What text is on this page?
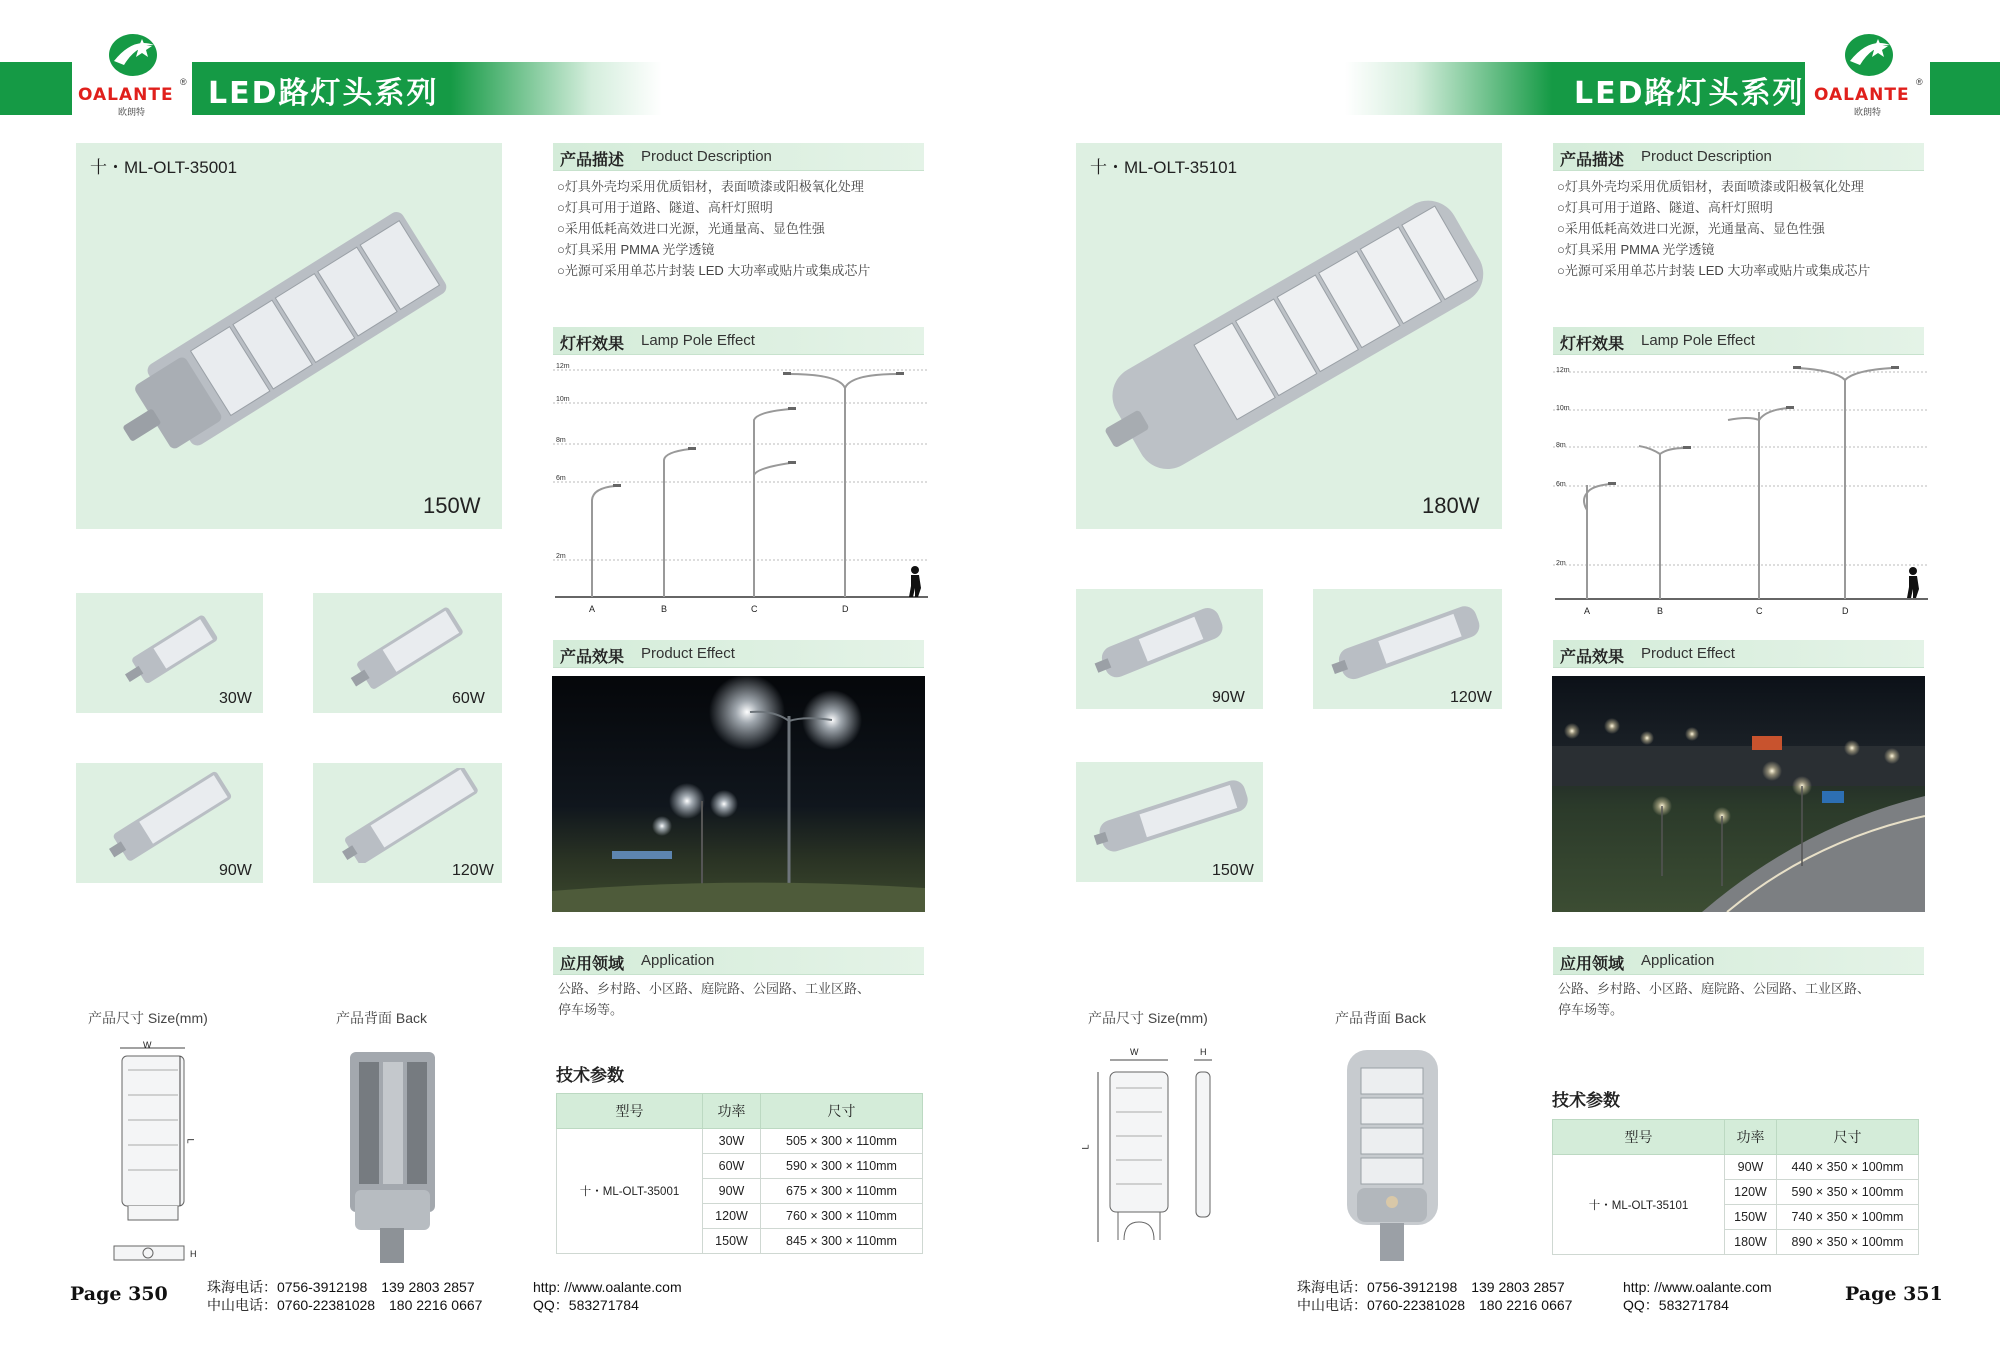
OALANTE
®
欧朗特
LED路灯头系列	LED路灯头系列 OALANTE
®
欧朗特
十・ML-OLT-35001
150W
30W	60W
90W	120W
产品尺寸 Size(mm)	产品背面 Back
W
L
H
产品描述 Product Description
○灯具外壳均采用优质铝材，表面喷漆或阳极氧化处理
○灯具可用于道路、隧道、高杆灯照明
○采用低耗高效进口光源，光通量高、显色性强
○灯具采用 PMMA 光学透镜
○光源可采用单芯片封装 LED 大功率或贴片或集成芯片
灯杆效果 Lamp Pole Effect
12m
10m
8m
6m
2m
A	B	C	D
产品效果 Product Effect
应用领域 Application
公路、乡村路、小区路、庭院路、公园路、工业区路、
停车场等。
技术参数
型号	功率	尺寸
十・ML-OLT-35001	30W	505 × 300 × 110mm
	60W	590 × 300 × 110mm
	90W	675 × 300 × 110mm
	120W	760 × 300 × 110mm
	150W	845 × 300 × 110mm
Page 350	珠海电话：0756-3912198 139 2803 2857
中山电话：0760-22381028 180 2216 0667
http: //www.oalante.com
QQ：583271784
十・ML-OLT-35101
180W
90W	120W
150W
产品尺寸 Size(mm)	产品背面 Back
W	H
L
产品描述 Product Description
○灯具外壳均采用优质铝材，表面喷漆或阳极氧化处理
○灯具可用于道路、隧道、高杆灯照明
○采用低耗高效进口光源，光通量高、显色性强
○灯具采用 PMMA 光学透镜
○光源可采用单芯片封装 LED 大功率或贴片或集成芯片
灯杆效果 Lamp Pole Effect
12m
10m
8m
6m
2m
A	B	C	D
产品效果 Product Effect
应用领域 Application
公路、乡村路、小区路、庭院路、公园路、工业区路、
停车场等。
技术参数
型号	功率	尺寸
十・ML-OLT-35101	90W	440 × 350 × 100mm
	120W	590 × 350 × 100mm
	150W	740 × 350 × 100mm
	180W	890 × 350 × 100mm
珠海电话：0756-3912198 139 2803 2857
中山电话：0760-22381028 180 2216 0667
http: //www.oalante.com
QQ：583271784	Page 351
